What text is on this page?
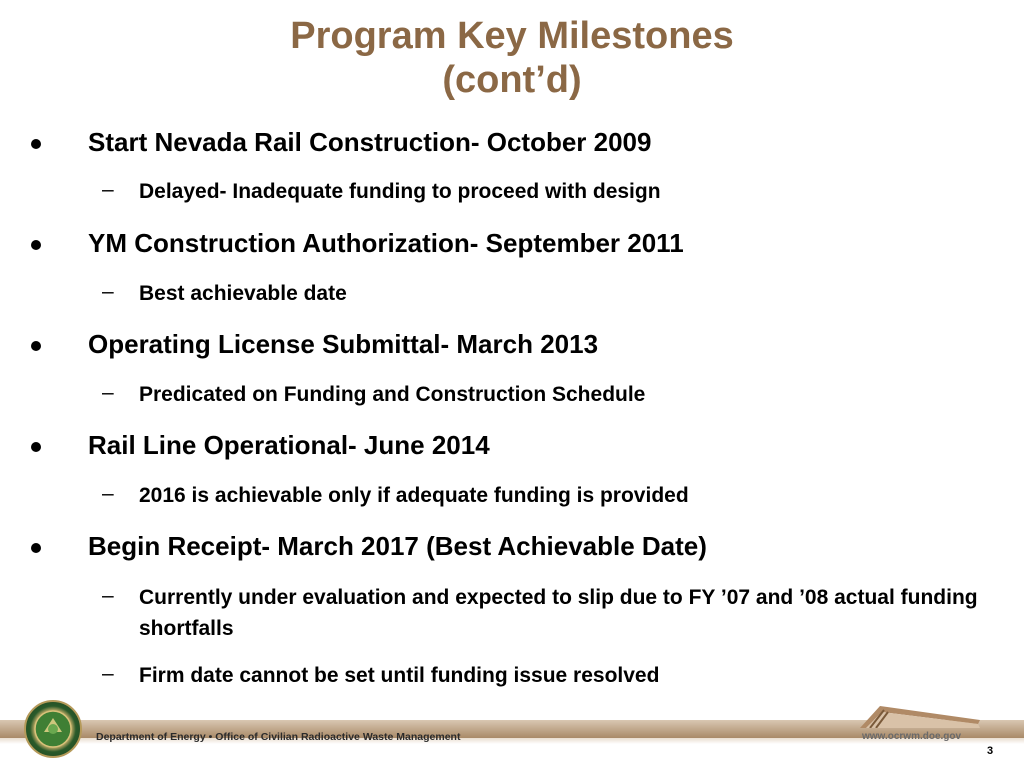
Program Key Milestones
(cont’d)
Start Nevada Rail Construction- October 2009
– Delayed- Inadequate funding to proceed with design
YM Construction Authorization- September 2011
– Best achievable date
Operating License Submittal- March 2013
– Predicated on Funding and Construction Schedule
Rail Line Operational- June 2014
– 2016 is achievable only if adequate funding is provided
Begin Receipt- March 2017 (Best Achievable Date)
– Currently under evaluation and expected to slip due to FY ’07 and ’08 actual funding shortfalls
– Firm date cannot be set until funding issue resolved
Department of Energy • Office of Civilian Radioactive Waste Management	www.ocrwm.doe.gov
3
